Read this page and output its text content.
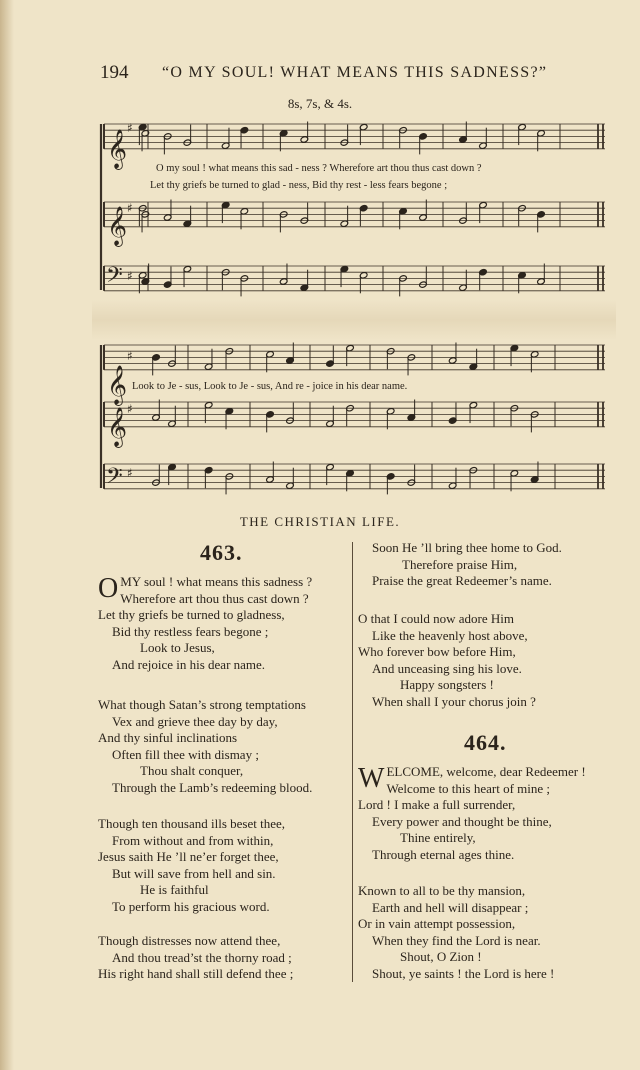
194 “O MY SOUL! WHAT MEANS THIS SADNESS?”
8s, 7s, & 4s.
𝄞
𝄞
𝄢
𝄞
𝄞
𝄢
♯
♯
♯
♯
♯
♯
O my soul ! what means this sad - ness ? Wherefore art thou thus cast down ?
Let thy griefs be turned to glad - ness, Bid thy rest - less fears begone ;
Look to Je - sus, Look to Je - sus, And re - joice in his dear name.
THE CHRISTIAN LIFE.
463.
O MY soul ! what means this sadness ?
Wherefore art thou thus cast down ?
Let thy griefs be turned to gladness,
Bid thy restless fears begone ;
Look to Jesus,
And rejoice in his dear name.
What though Satan’s strong temptations
Vex and grieve thee day by day,
And thy sinful inclinations
Often fill thee with dismay ;
Thou shalt conquer,
Through the Lamb’s redeeming blood.
Though ten thousand ills beset thee,
From without and from within,
Jesus saith He ’ll ne’er forget thee,
But will save from hell and sin.
He is faithful
To perform his gracious word.
Though distresses now attend thee,
And thou tread’st the thorny road ;
His right hand shall still defend thee ;
Soon He ’ll bring thee home to God.
Therefore praise Him,
Praise the great Redeemer’s name.
O that I could now adore Him
Like the heavenly host above,
Who forever bow before Him,
And unceasing sing his love.
Happy songsters !
When shall I your chorus join ?
464.
WELCOME, welcome, dear Redeemer !
Welcome to this heart of mine ;
Lord ! I make a full surrender,
Every power and thought be thine,
Thine entirely,
Through eternal ages thine.
Known to all to be thy mansion,
Earth and hell will disappear ;
Or in vain attempt possession,
When they find the Lord is near.
Shout, O Zion !
Shout, ye saints ! the Lord is here !
